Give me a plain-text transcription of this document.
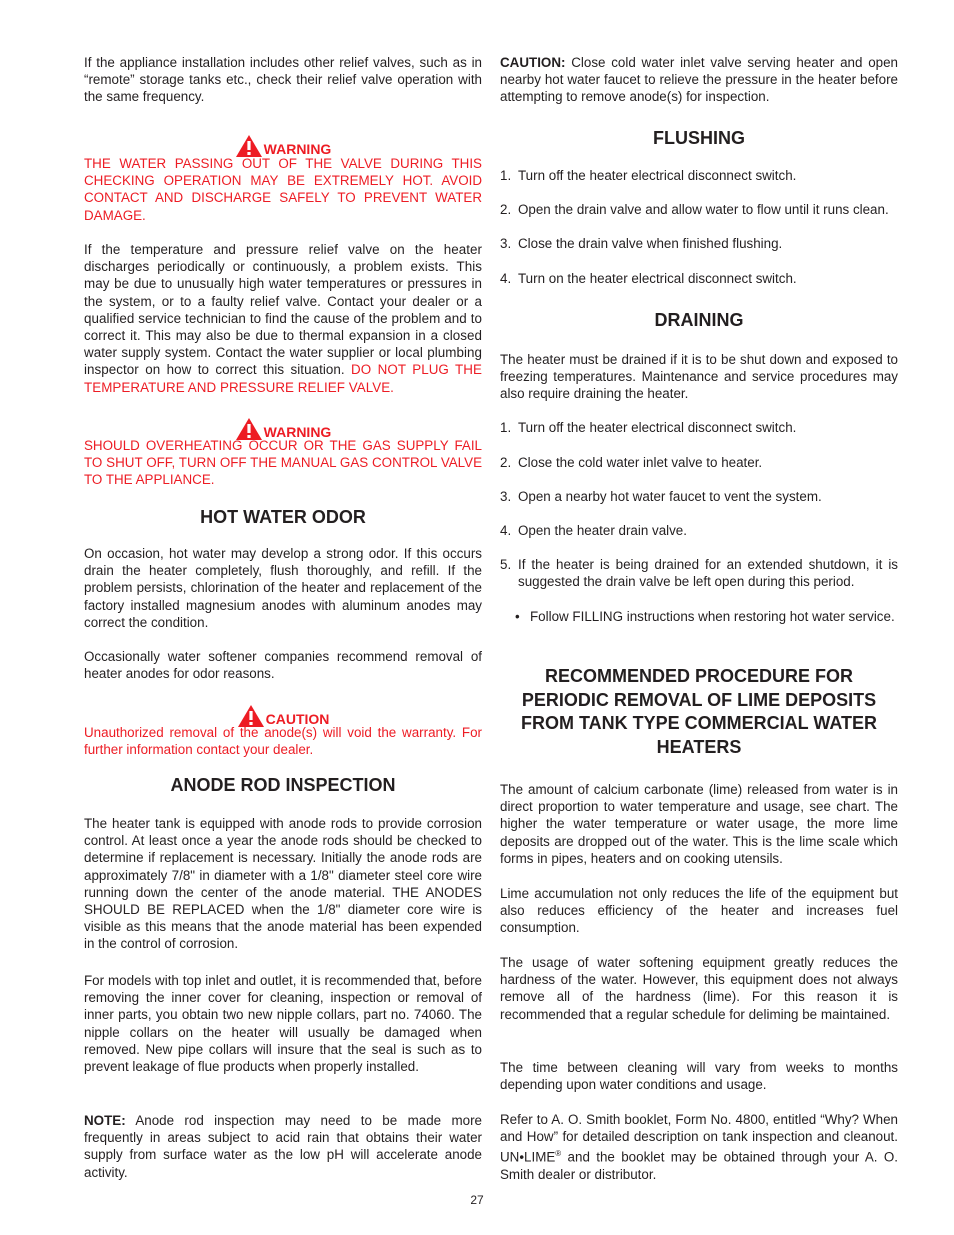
If the appliance installation includes other relief valves, such as in “remote” storage tanks etc., check their relief valve operation with the same frequency.

WARNING

THE WATER PASSING OUT OF THE VALVE DURING THIS CHECKING OPERATION MAY BE EXTREMELY HOT. AVOID CONTACT AND DISCHARGE SAFELY TO PREVENT WATER DAMAGE.

If the temperature and pressure relief valve on the heater discharges periodically or continuously, a problem exists. This may be due to unusually high water temperatures or pressures in the system, or to a faulty relief valve. Contact your dealer or a qualified service technician to find the cause of the problem and to correct it. This may also be due to thermal expansion in a closed water supply system. Contact the water supplier or local plumbing inspector on how to correct this situation. DO NOT PLUG THE TEMPERATURE AND PRESSURE RELIEF VALVE.

WARNING

SHOULD OVERHEATING OCCUR OR THE GAS SUPPLY FAIL TO SHUT OFF, TURN OFF THE MANUAL GAS CONTROL VALVE TO THE APPLIANCE.

HOT WATER ODOR

On occasion, hot water may develop a strong odor. If this occurs drain the heater completely, flush thoroughly, and refill. If the problem persists, chlorination of the heater and replacement of the factory installed magnesium anodes with aluminum anodes may correct the condition.

Occasionally water softener companies recommend removal of heater anodes for odor reasons.

CAUTION

Unauthorized removal of the anode(s) will void the warranty. For further information contact your dealer.

ANODE ROD INSPECTION

The heater tank is equipped with anode rods to provide corrosion control. At least once a year the anode rods should be checked to determine if replacement is necessary. Initially the anode rods are approximately 7/8" in diameter with a 1/8" diameter steel core wire running down the center of the anode material. THE ANODES SHOULD BE REPLACED when the 1/8" diameter core wire is visible as this means that the anode material has been expended in the control of corrosion.

For models with top inlet and outlet, it is recommended that, before removing the inner cover for cleaning, inspection or removal of inner parts, you obtain two new nipple collars, part no. 74060. The nipple collars on the heater will usually be damaged when removed. New pipe collars will insure that the seal is such as to prevent leakage of flue products when properly installed.

NOTE: Anode rod inspection may need to be made more frequently in areas subject to acid rain that obtains their water supply from surface water as the low pH will accelerate anode activity.

CAUTION: Close cold water inlet valve serving heater and open nearby hot water faucet to relieve the pressure in the heater before attempting to remove anode(s) for inspection.

FLUSHING
1. Turn off the heater electrical disconnect switch.
2. Open the drain valve and allow water to flow until it runs clean.
3. Close the drain valve when finished flushing.
4. Turn on the heater electrical disconnect switch.
DRAINING

The heater must be drained if it is to be shut down and exposed to freezing temperatures. Maintenance and service procedures may also require draining the heater.

1. Turn off the heater electrical disconnect switch.
2. Close the cold water inlet valve to heater.
3. Open a nearby hot water faucet to vent the system.
4. Open the heater drain valve.
5. If the heater is being drained for an extended shutdown, it is suggested the drain valve be left open during this period.
• Follow FILLING instructions when restoring hot water service.
RECOMMENDED PROCEDURE FOR PERIODIC REMOVAL OF LIME DEPOSITS FROM TANK TYPE COMMERCIAL WATER HEATERS

The amount of calcium carbonate (lime) released from water is in direct proportion to water temperature and usage, see chart. The higher the water temperature or water usage, the more lime deposits are dropped out of the water. This is the lime scale which forms in pipes, heaters and on cooking utensils.

Lime accumulation not only reduces the life of the equipment but also reduces efficiency of the heater and increases fuel consumption.

The usage of water softening equipment greatly reduces the hardness of the water. However, this equipment does not always remove all of the hardness (lime). For this reason it is recommended that a regular schedule for deliming be maintained.

The time between cleaning will vary from weeks to months depending upon water conditions and usage.

Refer to A. O. Smith booklet, Form No. 4800, entitled “Why? When and How” for detailed description on tank inspection and cleanout. UN•LIME® and the booklet may be obtained through your A. O. Smith dealer or distributor.

27
